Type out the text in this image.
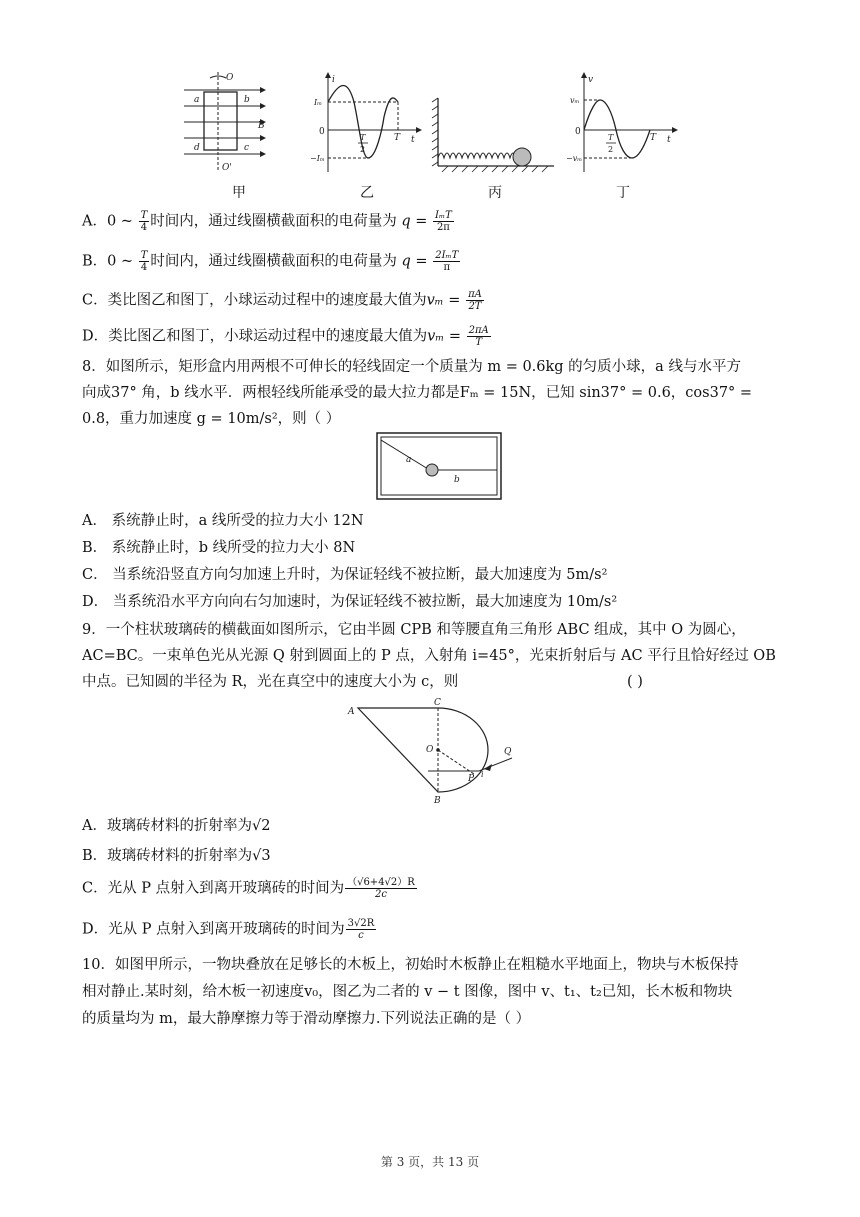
O
O'
a	b
c
d
B
i
t
Iₘ
−Iₘ
0
T
2
T
v
t
vₘ
−vₘ
0
T
2
T
甲	乙	丙	丁
A．0 ~ $\frac{T}{4}$ 时间内，通过线圈横截面积的电荷量为 $q = \frac{\text{IₘT}}{2\pi}$
B．0 ~ $\frac{T}{4}$ 时间内，通过线圈横截面积的电荷量为 $q = \frac{\text{2IₘT}}{\pi}$
C．类比图乙和图丁，小球运动过程中的速度最大值为$v_m = \frac{\pi A}{2T}$
D．类比图乙和图丁，小球运动过程中的速度最大值为$v_m = \frac{2\pi A}{T}$
8．如图所示，矩形盒内用两根不可伸长的轻线固定一个质量为 m = 0.6kg 的匀质小球，a 线与水平方
向成37° 角，b 线水平．两根轻线所能承受的最大拉力都是Fₘ = 15N，已知 sin37° = 0.6，cos37° =
0.8，重力加速度 g = 10m/s²，则（ ）
a
b
A． 系统静止时，a 线所受的拉力大小 12N
B． 系统静止时，b 线所受的拉力大小 8N
C． 当系统沿竖直方向匀加速上升时，为保证轻线不被拉断，最大加速度为 5m/s²
D． 当系统沿水平方向向右匀加速时，为保证轻线不被拉断，最大加速度为 10m/s²
9．一个柱状玻璃砖的横截面如图所示，它由半圆 CPB 和等腰直角三角形 ABC 组成，其中 O 为圆心，
AC=BC。一束单色光从光源 Q 射到圆面上的 P 点，入射角 i=45°，光束折射后与 AC 平行且恰好经过 OB
中点。已知圆的半径为 R，光在真空中的速度大小为 c，则	( )
A
C
B
O
P
Q
i
A．玻璃砖材料的折射率为√2
B．玻璃砖材料的折射率为√3
C．光从 P 点射入到离开玻璃砖的时间为 $\frac{(√6+4√2)R}{2c}$
D．光从 P 点射入到离开玻璃砖的时间为 $\frac{3√2R}{c}$
10．如图甲所示，一物块叠放在足够长的木板上，初始时木板静止在粗糙水平地面上，物块与木板保持
相对静止.某时刻，给木板一初速度v₀，图乙为二者的 v − t 图像，图中 v、t₁、t₂已知，长木板和物块
的质量均为 m，最大静摩擦力等于滑动摩擦力.下列说法正确的是（ ）
第 3 页，共 13 页
